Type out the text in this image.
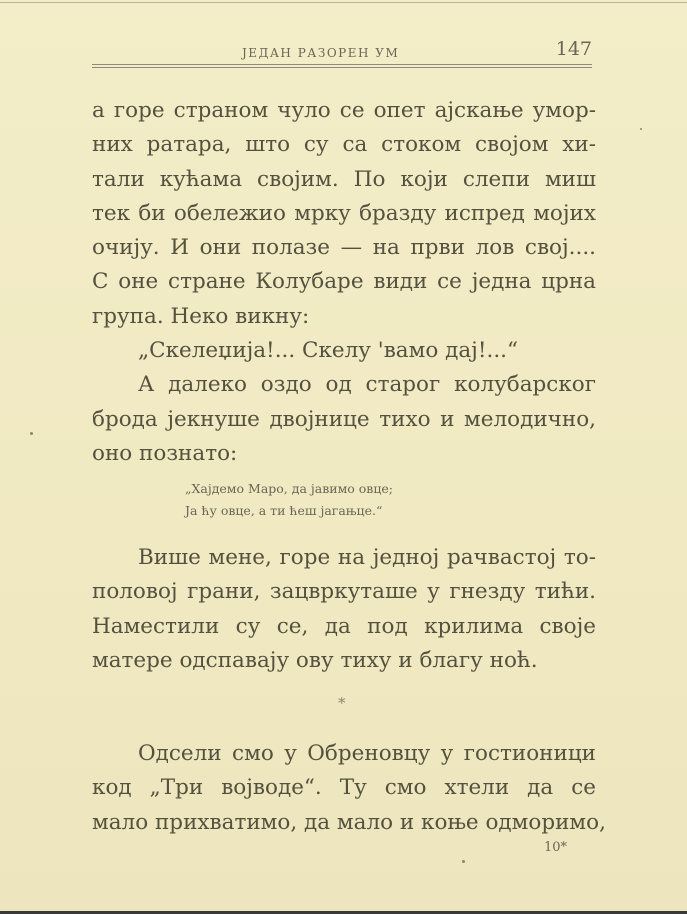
ЈЕДАН РАЗОРЕН УМ	147
а горе страном чуло се опет ајскање умор-
них ратара, што су са стоком својом хи-
тали кућама својим. По који слепи миш
тек би обележио мрку бразду испред мојих
очију. И они полазе — на први лов свој....
С оне стране Колубаре види се једна црна
група. Неко викну:
„Скелеџија!... Скелу 'вамо дај!...“
А далеко оздо од старог колубарског
брода јекнуше двојнице тихо и мелодично,
оно познато:
„Хајдемо Маро, да јавимо овце;
Ја ћу овце, а ти ћеш јагањце.“
Више мене, горе на једној рачвастој то-
половој грани, зацвркуташе у гнезду тићи.
Наместили су се, да под крилима своје
матере одспавају ову тиху и благу ноћ.
*
Одсели смо у Обреновцу у гостионици
код „Три војводе“. Ту смо хтели да се
мало прихватимо, да мало и коње одморимо,
10*
